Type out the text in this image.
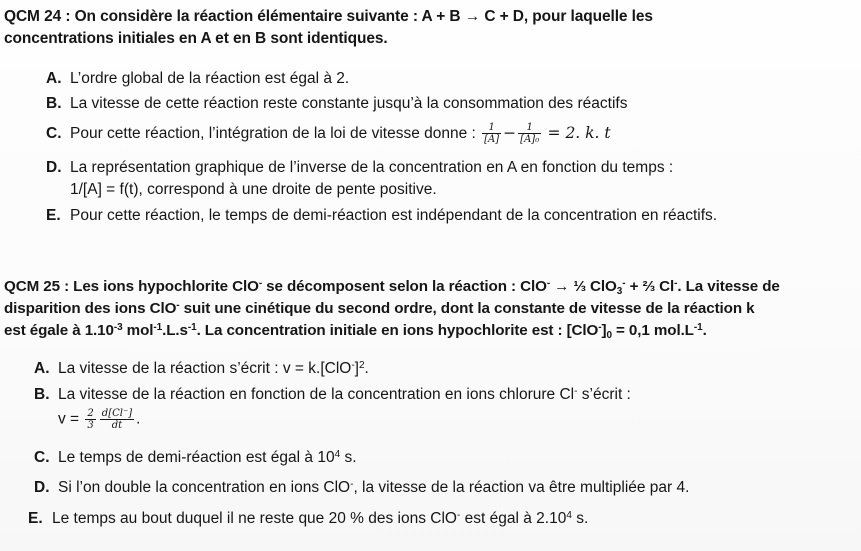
QCM 24 : On considère la réaction élémentaire suivante : A + B → C + D, pour laquelle les
concentrations initiales en A et en B sont identiques.
A. L’ordre global de la réaction est égal à 2.
B. La vitesse de cette réaction reste constante jusqu’à la consommation des réactifs
C. Pour cette réaction, l’intégration de la loi de vitesse donne : $\frac{1}{[A]} - \frac{1}{\text{[A]₀}} = 2$. k. t
D. La représentation graphique de l’inverse de la concentration en A en fonction du temps :
1/[A] = f(t), correspond à une droite de pente positive.
E. Pour cette réaction, le temps de demi-réaction est indépendant de la concentration en réactifs.
QCM 25 : Les ions hypochlorite ClO- se décomposent selon la réaction : ClO- → ⅓ ClO$_3$- + ⅔ Cl-. La vitesse de
disparition des ions ClO- suit une cinétique du second ordre, dont la constante de vitesse de la réaction k
est égale à $1.10^{-3}$ $mol^{-1}.L.s^{-1}$. La concentration initiale en ions hypochlorite est : $[ClO^-]_0 = 0,1$ $mol.L^{-1}$.
A. La vitesse de la réaction s’écrit : $v = k.[ClO^-]^2$.
B. La vitesse de la réaction en fonction de la concentration en ions chlorure Cl- s’écrit :
$v = \frac{2}{3} \frac{d[Cl^-]}{dt}$ .
C. Le temps de demi-réaction est égal à $10^4$ s.
D. Si l’on double la concentration en ions ClO-, la vitesse de la réaction va être multipliée par 4.
E. Le temps au bout duquel il ne reste que 20 % des ions ClO- est égal à 2.10$^4$ s.
